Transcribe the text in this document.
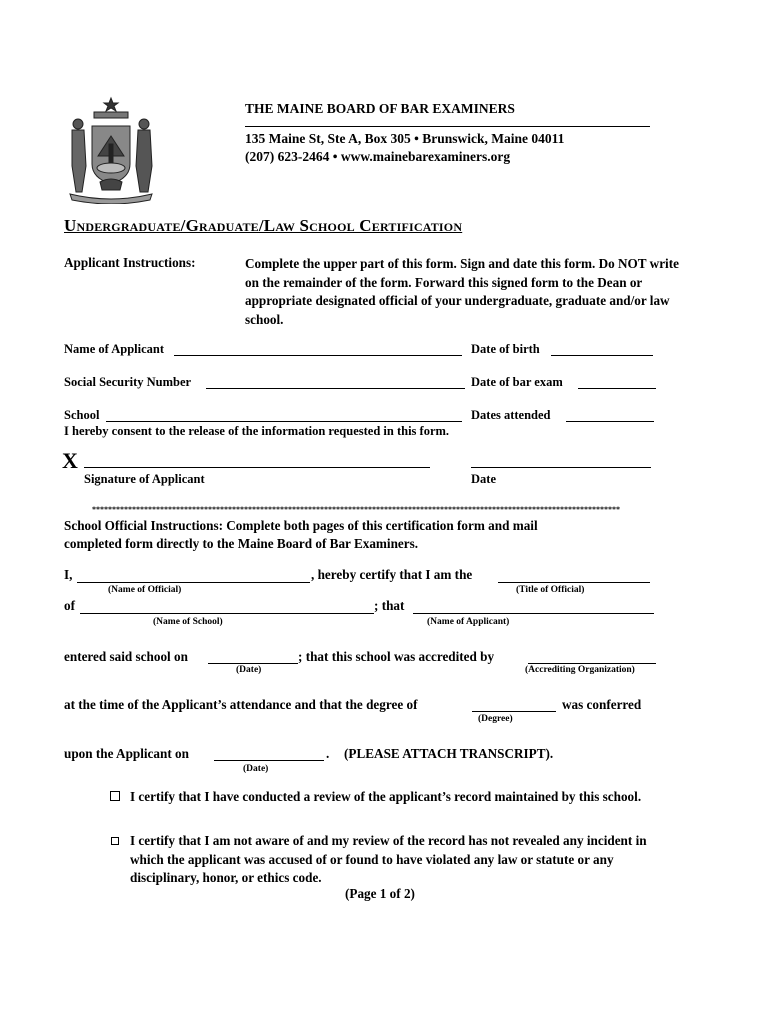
THE MAINE BOARD OF BAR EXAMINERS
135 Maine St, Ste A, Box 305 • Brunswick, Maine 04011
(207) 623-2464 • www.mainebarexaminers.org
Undergraduate/Graduate/Law School Certification
Applicant Instructions:	Complete the upper part of this form. Sign and date this form. Do NOT write on the remainder of the form. Forward this signed form to the Dean or appropriate designated official of your undergraduate, graduate and/or law school.
Name of Applicant	Date of birth
Social Security Number	Date of bar exam
School	Dates attended
I hereby consent to the release of the information requested in this form.
X
Signature of Applicant	Date
************************************************************************************************************************************
School Official Instructions: Complete both pages of this certification form and mail
completed form directly to the Maine Board of Bar Examiners.
I,	, hereby certify that I am the
(Name of Official)	(Title of Official)
of	; that
(Name of School)	(Name of Applicant)
entered said school on	; that this school was accredited by
(Date)	(Accrediting Organization)
at the time of the Applicant’s attendance and that the degree of	was conferred
(Degree)
upon the Applicant on	. (PLEASE ATTACH TRANSCRIPT).
(Date)
I certify that I have conducted a review of the applicant’s record maintained by this school.
I certify that I am not aware of and my review of the record has not revealed any incident in which the applicant was accused of or found to have violated any law or statute or any disciplinary, honor, or ethics code.
(Page 1 of 2)
